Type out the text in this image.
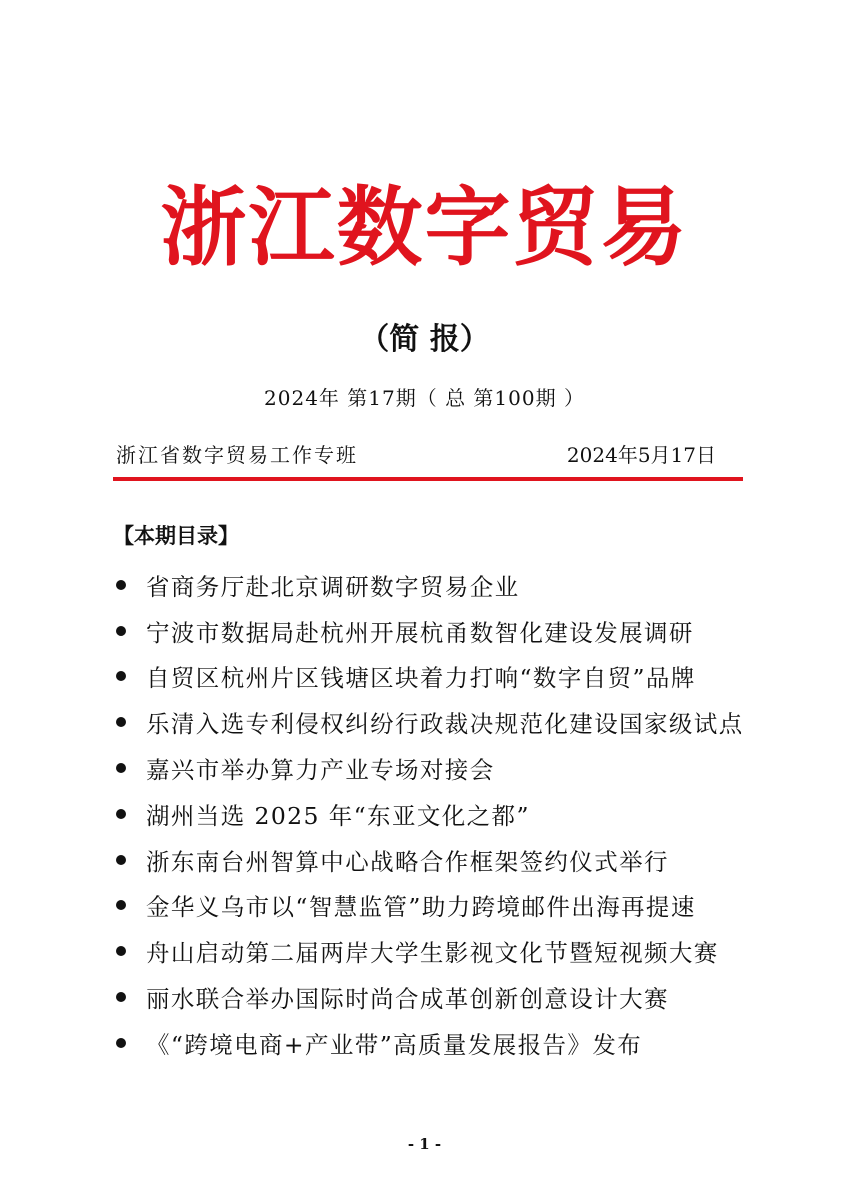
浙江数字贸易
（简 报）
2024年 第17期（ 总 第100期 ）
浙江省数字贸易工作专班	2024年5月17日
【本期目录】
省商务厅赴北京调研数字贸易企业
宁波市数据局赴杭州开展杭甬数智化建设发展调研
自贸区杭州片区钱塘区块着力打响“数字自贸”品牌
乐清入选专利侵权纠纷行政裁决规范化建设国家级试点
嘉兴市举办算力产业专场对接会
湖州当选 2025 年“东亚文化之都”
浙东南台州智算中心战略合作框架签约仪式举行
金华义乌市以“智慧监管”助力跨境邮件出海再提速
舟山启动第二届两岸大学生影视文化节暨短视频大赛
丽水联合举办国际时尚合成革创新创意设计大赛
《“跨境电商+产业带”高质量发展报告》发布
- 1 -
